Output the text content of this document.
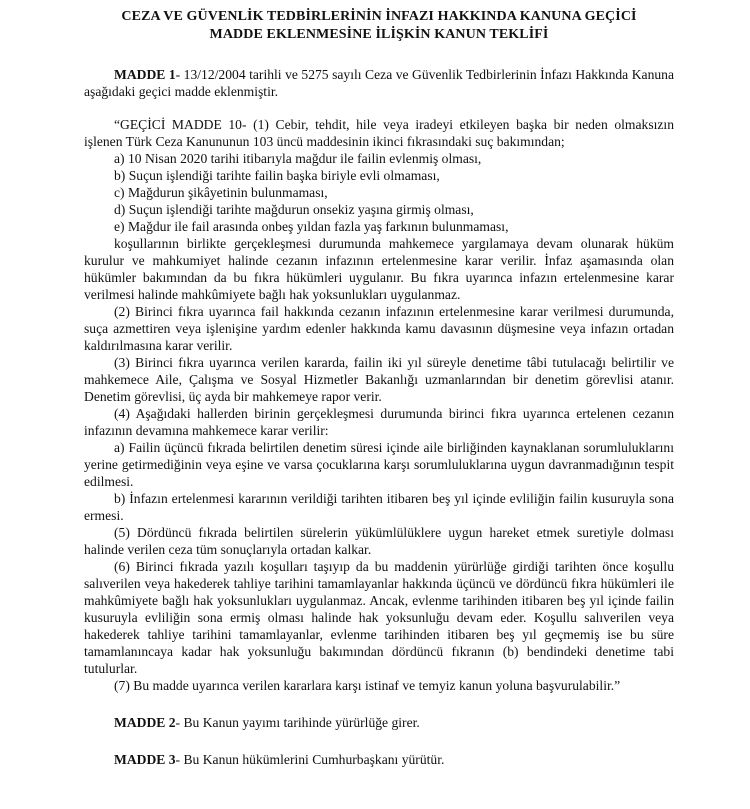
CEZA VE GÜVENLİK TEDBİRLERİNİN İNFAZI HAKKINDA KANUNA GEÇİCİ
MADDE EKLENMESİNE İLİŞKİN KANUN TEKLİFİ

MADDE 1- 13/12/2004 tarihli ve 5275 sayılı Ceza ve Güvenlik Tedbirlerinin İnfazı Hakkında Kanuna aşağıdaki geçici madde eklenmiştir.

“GEÇİCİ MADDE 10- (1) Cebir, tehdit, hile veya iradeyi etkileyen başka bir neden olmaksızın işlenen Türk Ceza Kanununun 103 üncü maddesinin ikinci fıkrasındaki suç bakımından;

a) 10 Nisan 2020 tarihi itibarıyla mağdur ile failin evlenmiş olması,

b) Suçun işlendiği tarihte failin başka biriyle evli olmaması,

c) Mağdurun şikâyetinin bulunmaması,

d) Suçun işlendiği tarihte mağdurun onsekiz yaşına girmiş olması,

e) Mağdur ile fail arasında onbeş yıldan fazla yaş farkının bulunmaması,

koşullarının birlikte gerçekleşmesi durumunda mahkemece yargılamaya devam olunarak hüküm kurulur ve mahkumiyet halinde cezanın infazının ertelenmesine karar verilir. İnfaz aşamasında olan hükümler bakımından da bu fıkra hükümleri uygulanır. Bu fıkra uyarınca infazın ertelenmesine karar verilmesi halinde mahkûmiyete bağlı hak yoksunlukları uygulanmaz.

(2) Birinci fıkra uyarınca fail hakkında cezanın infazının ertelenmesine karar verilmesi durumunda, suça azmettiren veya işlenişine yardım edenler hakkında kamu davasının düşmesine veya infazın ortadan kaldırılmasına karar verilir.

(3) Birinci fıkra uyarınca verilen kararda, failin iki yıl süreyle denetime tâbi tutulacağı belirtilir ve mahkemece Aile, Çalışma ve Sosyal Hizmetler Bakanlığı uzmanlarından bir denetim görevlisi atanır. Denetim görevlisi, üç ayda bir mahkemeye rapor verir.

(4) Aşağıdaki hallerden birinin gerçekleşmesi durumunda birinci fıkra uyarınca ertelenen cezanın infazının devamına mahkemece karar verilir:

a) Failin üçüncü fıkrada belirtilen denetim süresi içinde aile birliğinden kaynaklanan sorumluluklarını yerine getirmediğinin veya eşine ve varsa çocuklarına karşı sorumluluklarına uygun davranmadığının tespit edilmesi.

b) İnfazın ertelenmesi kararının verildiği tarihten itibaren beş yıl içinde evliliğin failin kusuruyla sona ermesi.

(5) Dördüncü fıkrada belirtilen sürelerin yükümlülüklere uygun hareket etmek suretiyle dolması halinde verilen ceza tüm sonuçlarıyla ortadan kalkar.

(6) Birinci fıkrada yazılı koşulları taşıyıp da bu maddenin yürürlüğe girdiği tarihten önce koşullu salıverilen veya hakederek tahliye tarihini tamamlayanlar hakkında üçüncü ve dördüncü fıkra hükümleri ile mahkûmiyete bağlı hak yoksunlukları uygulanmaz. Ancak, evlenme tarihinden itibaren beş yıl içinde failin kusuruyla evliliğin sona ermiş olması halinde hak yoksunluğu devam eder. Koşullu salıverilen veya hakederek tahliye tarihini tamamlayanlar, evlenme tarihinden itibaren beş yıl geçmemiş ise bu süre tamamlanıncaya kadar hak yoksunluğu bakımından dördüncü fıkranın (b) bendindeki denetime tabi tutulurlar.

(7) Bu madde uyarınca verilen kararlara karşı istinaf ve temyiz kanun yoluna başvurulabilir.”

MADDE 2- Bu Kanun yayımı tarihinde yürürlüğe girer.

MADDE 3- Bu Kanun hükümlerini Cumhurbaşkanı yürütür.
